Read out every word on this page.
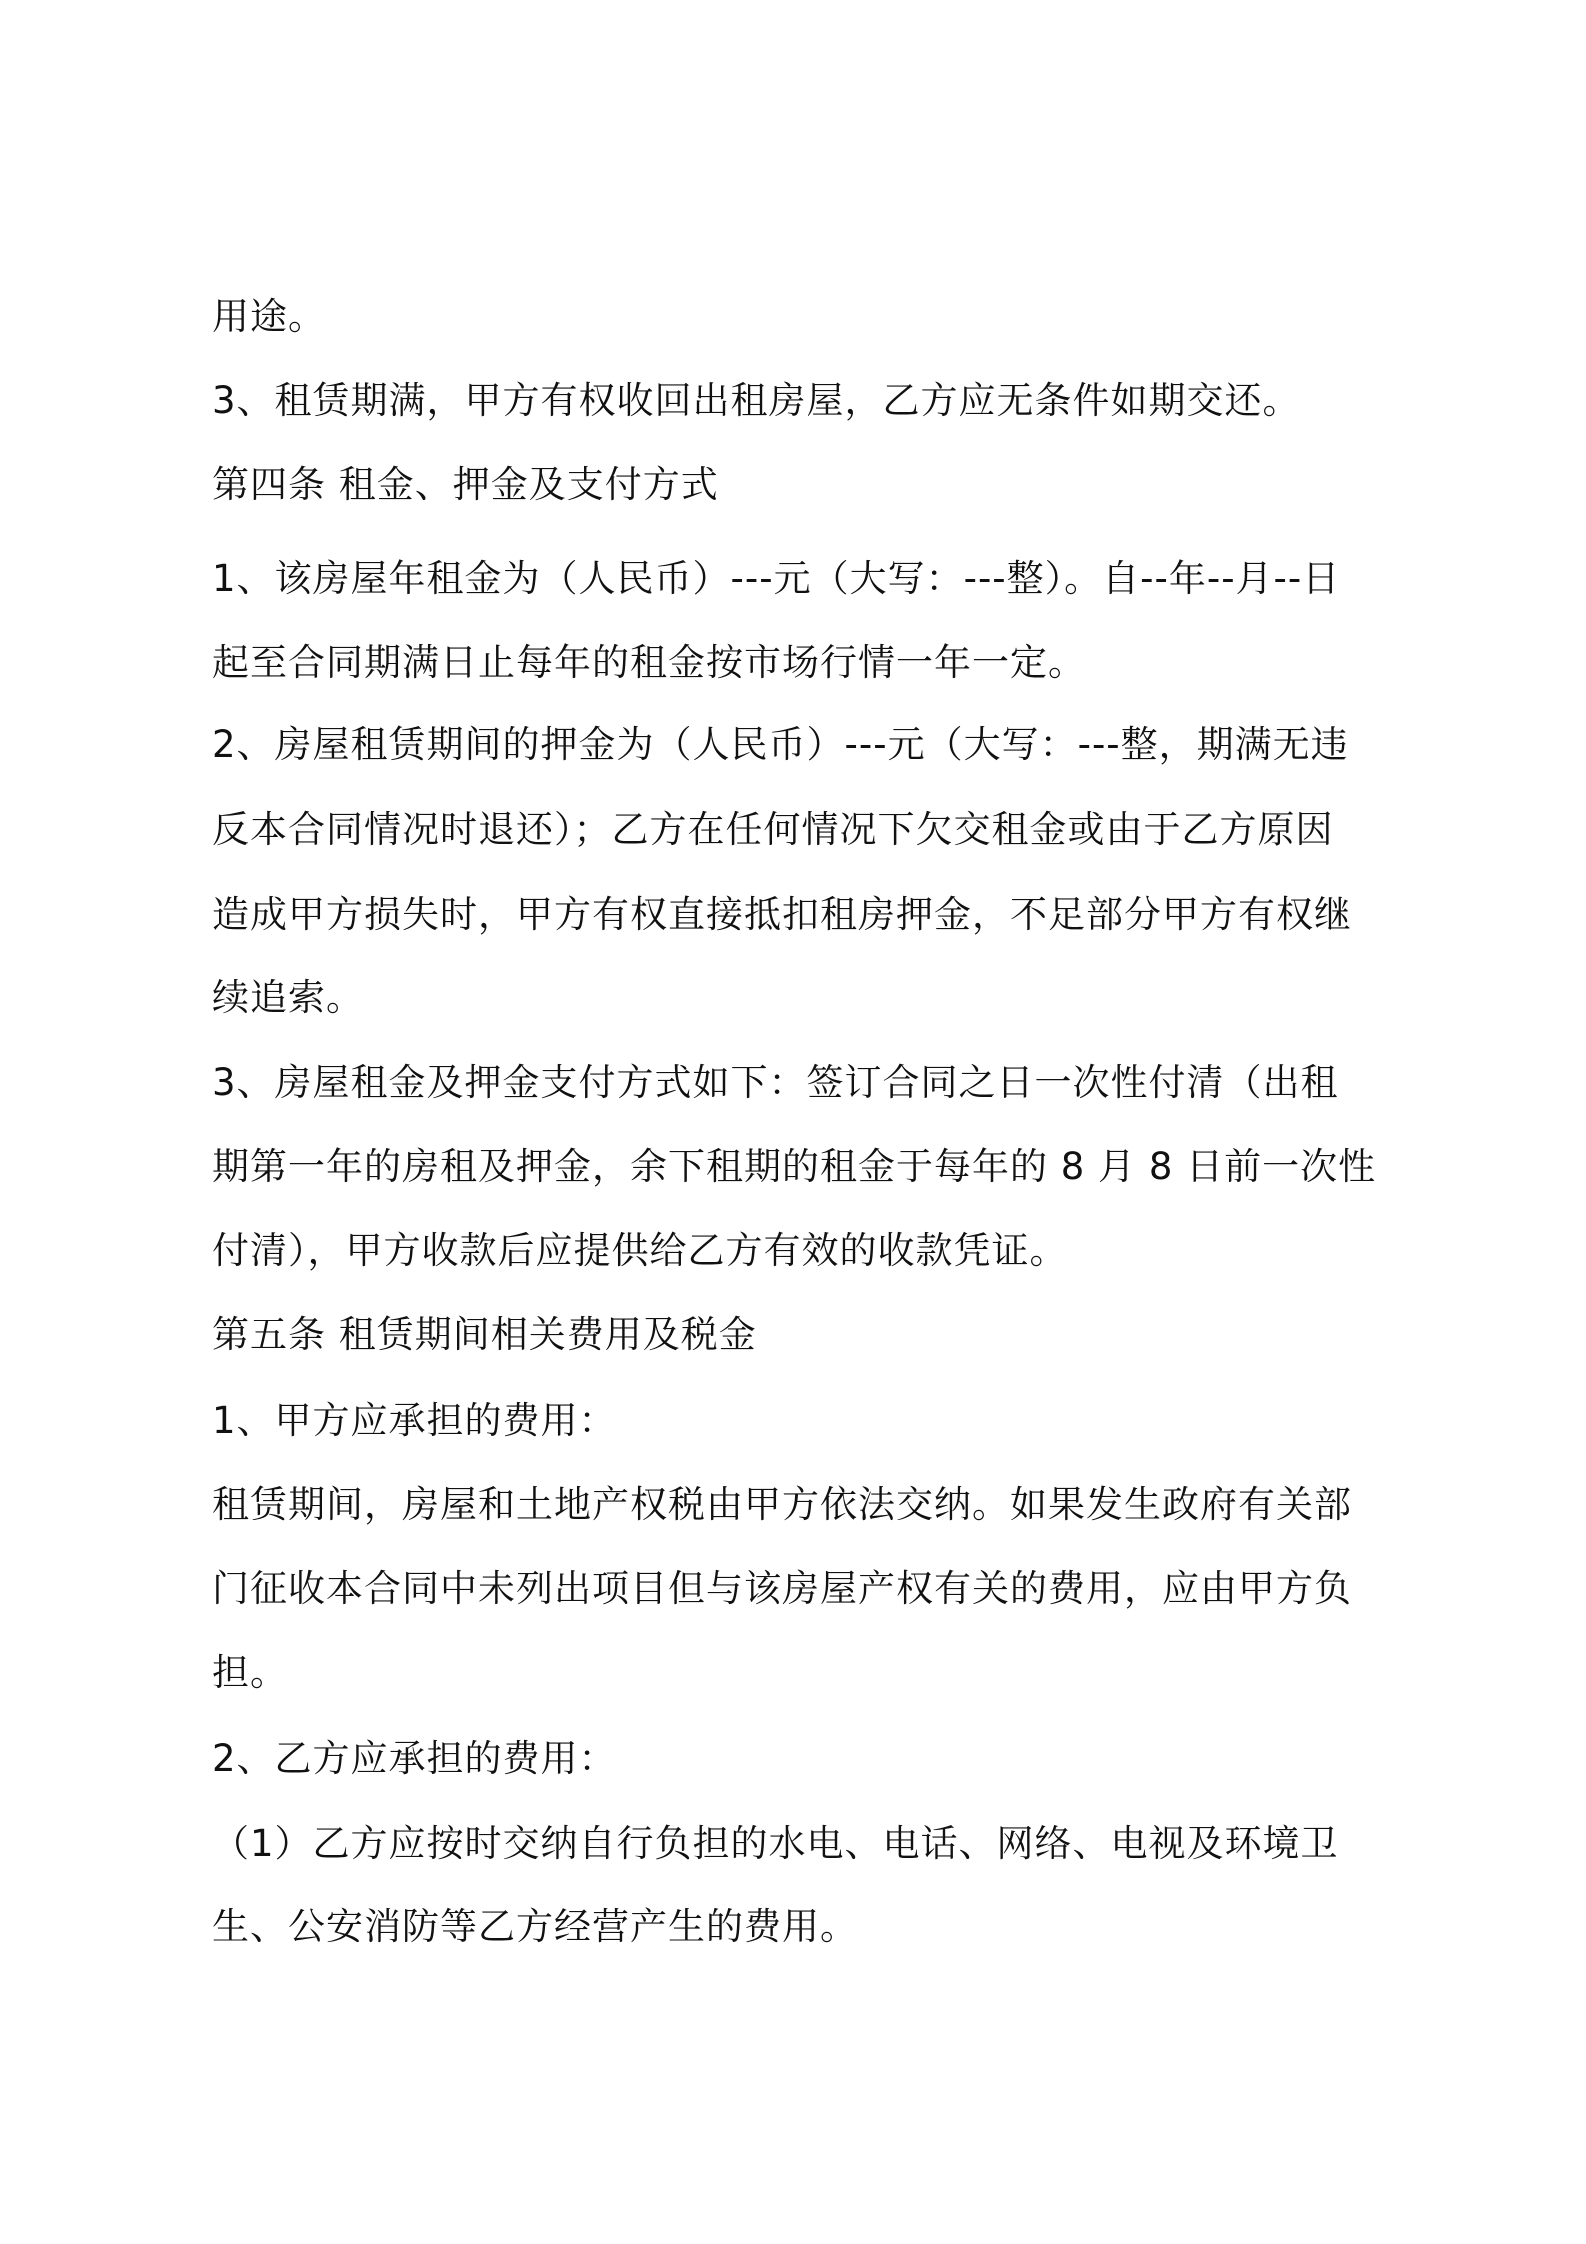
用途。
3、租赁期满，甲方有权收回出租房屋，乙方应无条件如期交还。
第四条 租金、押金及支付方式
1、该房屋年租金为（人民币）---元（大写：---整）。自--年--月--日
起至合同期满日止每年的租金按市场行情一年一定。
2、房屋租赁期间的押金为（人民币）---元（大写：---整，期满无违
反本合同情况时退还）；乙方在任何情况下欠交租金或由于乙方原因
造成甲方损失时，甲方有权直接抵扣租房押金，不足部分甲方有权继
续追索。
3、房屋租金及押金支付方式如下：签订合同之日一次性付清（出租
期第一年的房租及押金，余下租期的租金于每年的 8 月 8 日前一次性
付清），甲方收款后应提供给乙方有效的收款凭证。
第五条 租赁期间相关费用及税金
1、甲方应承担的费用：
租赁期间，房屋和土地产权税由甲方依法交纳。如果发生政府有关部
门征收本合同中未列出项目但与该房屋产权有关的费用，应由甲方负
担。
2、乙方应承担的费用：
（1）乙方应按时交纳自行负担的水电、电话、网络、电视及环境卫
生、公安消防等乙方经营产生的费用。
